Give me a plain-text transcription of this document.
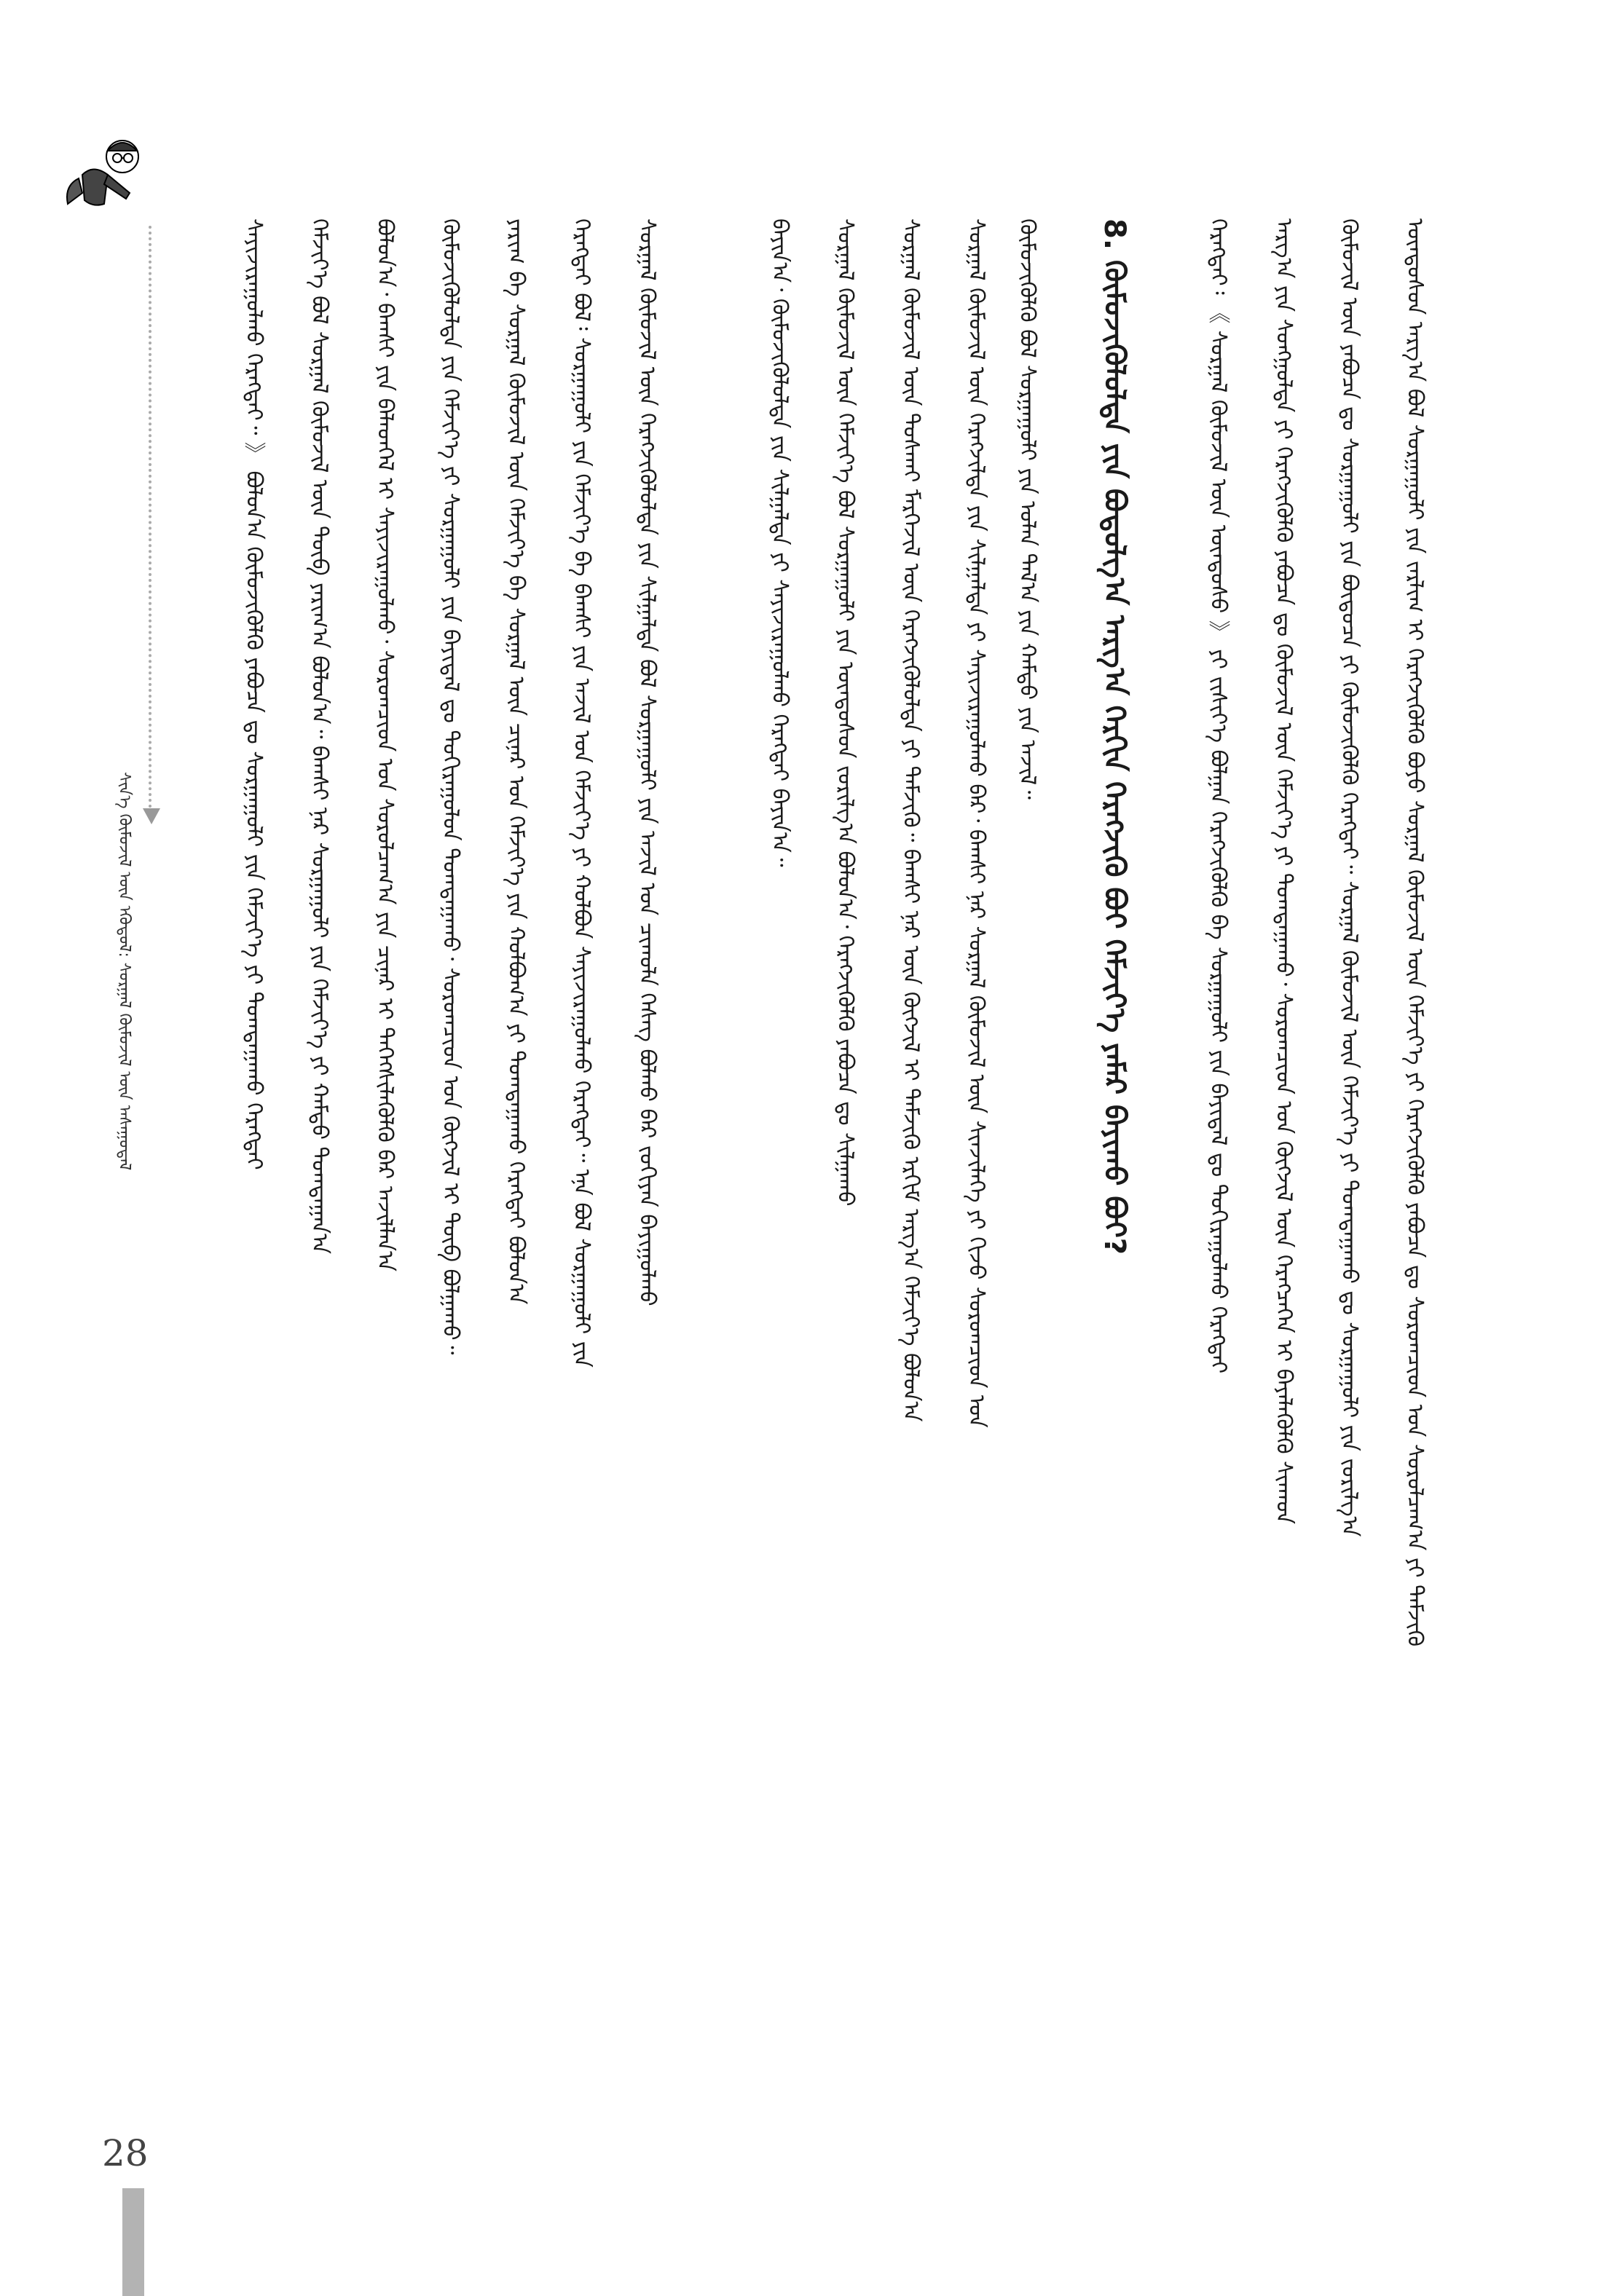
28
ᠰᠢᠨ᠎ᠡ ᠬᠦᠮᠦᠵᠢᠯ ᠦᠨ ᠡᠭᠦᠳᠦᠯ: ᠰᠤᠷᠭᠠᠯ ᠬᠦᠮᠦᠵᠢᠯ ᠦᠨ ᠠᠰᠠᠭᠤᠳᠠᠯ	ᠰᠠᠶᠢᠵᠢᠷᠠᠭᠤᠯᠬᠤ ᠬᠡᠷᠡᠭᠲᠡᠢ᠃ 》 ᠪᠣᠯᠤᠨ᠎ᠠ ᠬᠦᠮᠦᠵᠢᠭᠦᠯᠬᠦ ᠶᠠᠪᠤᠴᠠ ᠳᠤ ᠰᠤᠷᠭᠠᠭᠤᠯᠢ ᠶᠢᠨ ᠬᠡᠮᠵᠢᠶ᠎ᠡ ᠶᠢ ᠲᠣᠭᠲᠠᠭᠠᠬᠤ ᠬᠡᠷᠡᠭᠲᠡᠢ	ᠬᠡᠮᠵᠢᠶ᠎ᠡ ᠪᠣᠯ ᠰᠤᠷᠭᠠᠯ ᠬᠦᠮᠦᠵᠢᠯ ᠦᠨ ᠲᠥᠪ ᠶᠠᠷᠢᠭ᠎ᠠ ᠪᠣᠯᠤᠨ᠎ᠠ᠃ ᠪᠠᠭᠰᠢ ᠨᠠᠷ ᠰᠤᠷᠭᠠᠭᠤᠯᠢ ᠶᠢᠨ ᠬᠡᠮᠵᠢᠶ᠎ᠡ ᠶᠢ ᠬᠠᠮᠲᠤ ᠲᠣᠭᠲᠠᠭᠠᠨ᠎ᠠ	ᠪᠣᠯᠤᠨ᠎ᠠ᠂ ᠪᠠᠭᠰᠢ ᠶᠢᠨ ᠪᠡᠯᠡᠳᠬᠡᠯ ᠢ ᠰᠠᠶᠢᠵᠢᠷᠠᠭᠤᠯᠬᠤ᠂ ᠰᠤᠷᠤᠭᠴᠢᠳ ᠤᠨ ᠰᠤᠷᠤᠯᠴᠠᠭ᠎ᠠ ᠶᠢᠨ ᠴᠢᠨᠠᠷ ᠢ ᠳᠡᠭᠡᠭᠰᠢᠯᠡᠭᠦᠯᠬᠦ ᠪᠠᠷ ᠠᠵᠢᠯᠯᠠᠨ᠎ᠠ	ᠬᠦᠮᠦᠵᠢᠭᠦᠯᠦᠯᠲᠡ ᠶᠢᠨ ᠬᠡᠮᠵᠢᠶ᠎ᠡ ᠶᠢ ᠰᠤᠷᠭᠠᠭᠤᠯᠢ ᠶᠢᠨ ᠪᠠᠶᠢᠳᠠᠯ ᠳᠤ ᠲᠣᠬᠢᠷᠠᠭᠤᠯᠤᠨ ᠲᠣᠭᠲᠠᠭᠠᠬᠤ᠂ ᠰᠤᠷᠤᠭᠴᠢᠳ ᠤᠨ ᠬᠥᠭᠵᠢᠯ ᠢ ᠲᠥᠪ ᠪᠣᠯᠭᠠᠬᠤ᠃	ᠶᠠᠷᠢᠭ ᠪᠠ ᠰᠤᠷᠭᠠᠯ ᠬᠦᠮᠦᠵᠢᠯ ᠦᠨ ᠬᠡᠮᠵᠢᠶ᠎ᠡ ᠪᠠ ᠰᠤᠷᠭᠠᠯ ᠦᠨ ᠴᠢᠨᠠᠷ ᠤᠨ ᠬᠡᠮᠵᠢᠶ᠎ᠡ ᠶᠢᠨ ᠬᠣᠯᠪᠣᠭ᠎ᠠ ᠶᠢ ᠲᠣᠭᠲᠠᠭᠠᠬᠤ ᠬᠡᠷᠡᠭᠲᠡᠢ ᠪᠣᠯᠤᠨ᠎ᠠ	ᠬᠡᠷᠡᠭᠲᠡᠢ ᠪᠣᠯ᠄ ᠰᠤᠷᠭᠠᠭᠤᠯᠢ ᠶᠢᠨ ᠬᠡᠮᠵᠢᠶ᠎ᠡ ᠪᠠ ᠪᠠᠭᠰᠢ ᠶᠢᠨ ᠠᠵᠢᠯ ᠤᠨ ᠬᠡᠮᠵᠢᠶ᠎ᠡ ᠶᠢ ᠬᠣᠯᠪᠣᠨ ᠰᠠᠶᠢᠵᠢᠷᠠᠭᠤᠯᠬᠤ ᠬᠡᠷᠡᠭᠲᠡᠢ᠃ ᠡᠨᠡ ᠪᠣᠯ ᠰᠤᠷᠭᠠᠭᠤᠯᠢ ᠶᠢᠨ	ᠰᠤᠷᠭᠠᠯ ᠬᠦᠮᠦᠵᠢᠯ ᠦᠨ ᠬᠡᠷᠡᠭᠵᠢᠭᠦᠯᠦᠯᠲᠡ ᠶᠢᠨ ᠰᠢᠯᠭᠠᠯᠲᠠ ᠪᠣᠯ ᠰᠤᠷᠭᠠᠭᠤᠯᠢ ᠶᠢᠨ ᠠᠵᠢᠯ ᠤᠨ ᠴᠢᠬᠤᠯᠠ ᠬᠡᠰᠡᠭ ᠪᠣᠯᠬᠤ ᠪᠠᠷ ᠵᠣᠬᠢᠶᠠᠨ ᠪᠠᠶᠢᠭᠤᠯᠬᠤ	ᠪᠠᠶᠢᠨ᠎ᠠ᠂ ᠬᠦᠮᠦᠵᠢᠭᠦᠯᠦᠯᠲᠡ ᠶᠢᠨ ᠰᠢᠯᠭᠠᠯᠲᠠ ᠶᠢ ᠰᠠᠶᠢᠵᠢᠷᠠᠭᠤᠯᠬᠤ ᠬᠡᠷᠡᠭᠲᠡᠢ ᠪᠠᠶᠢᠨ᠎ᠠ᠃	ᠰᠤᠷᠭᠠᠯ ᠬᠦᠮᠦᠵᠢᠯ ᠦᠨ ᠬᠡᠮᠵᠢᠶ᠎ᠡ ᠪᠣᠯ ᠰᠤᠷᠭᠠᠭᠤᠯᠢ ᠶᠢᠨ ᠦᠨᠳᠦᠰᠦᠨ ᠵᠣᠷᠢᠯᠭ᠎ᠠ ᠪᠣᠯᠤᠨ᠎ᠠ᠂ ᠬᠡᠷᠡᠭᠵᠢᠭᠦᠯᠬᠦ ᠶᠠᠪᠤᠴᠠ ᠳᠤ ᠰᠢᠯᠭᠠᠬᠤ	ᠰᠤᠷᠭᠠᠯ ᠬᠦᠮᠦᠵᠢᠯ ᠦᠨ ᠲᠤᠰᠬᠠᠢ ᠮᠡᠷᠭᠡᠵᠢᠯ ᠦᠨ ᠬᠡᠷᠡᠭᠵᠢᠭᠦᠯᠦᠯᠲᠡ ᠶᠢ ᠳᠡᠮᠵᠢᠬᠦ᠃ ᠪᠠᠭᠰᠢ ᠨᠠᠷ ᠦᠨ ᠬᠥᠭᠵᠢᠯ ᠢ ᠳᠡᠮᠵᠢᠬᠦ ᠡᠷᠬᠢᠮ ᠠᠷᠭ᠎ᠠ ᠬᠡᠮᠵᠢᠶ᠎ᠡ ᠪᠣᠯᠤᠨ᠎ᠠ	ᠰᠤᠷᠭᠠᠯ ᠬᠦᠮᠦᠵᠢᠯ ᠦᠨ ᠬᠡᠷᠡᠭᠵᠢᠯᠲᠡ ᠶᠢᠨ ᠰᠢᠯᠭᠠᠯᠲᠠ ᠶᠢ ᠰᠠᠶᠢᠵᠢᠷᠠᠭᠤᠯᠬᠤ ᠪᠠᠷ᠂ ᠪᠠᠭᠰᠢ ᠨᠠᠷ ᠰᠤᠷᠭᠠᠯ ᠬᠦᠮᠦᠵᠢᠯ ᠦᠨ ᠰᠢᠨᠵᠢᠯᠡᠭᠡ ᠶᠢ ᠬᠢᠵᠦ ᠰᠤᠷᠤᠭᠴᠢᠳ ᠤᠨ	ᠬᠦᠮᠦᠵᠢᠭᠦᠯᠬᠦ ᠪᠣᠯ ᠰᠤᠷᠭᠠᠭᠤᠯᠢ ᠶᠢᠨ ᠣᠯᠠᠨ ᠲᠠᠯ᠎ᠠ ᠶᠢᠨ ᠬᠠᠮᠲᠤ ᠶᠢᠨ ᠠᠵᠢᠯ᠃	8. ᠬᠦᠮᠦᠵᠢᠭᠦᠯᠦᠯᠲᠡ ᠶᠢᠨ ᠪᠣᠳᠤᠯᠭ᠎ᠠ ᠠᠷᠭ᠎ᠠ ᠬᠡᠷᠬᠢᠨ ᠬᠡᠷᠡᠭᠵᠢᠬᠦ ᠪᠤᠢ ᠬᠡᠮᠵᠢᠶ᠎ᠡ ᠶᠠᠮᠠᠷ ᠪᠠᠶᠢᠬᠤ ᠪᠤᠢ?	ᠬᠡᠷᠡᠭᠲᠡᠢ᠄ 《 ᠰᠤᠷᠭᠠᠯ ᠬᠦᠮᠦᠵᠢᠯ ᠦᠨ ᠦᠨᠳᠦᠰᠦ 》 ᠶᠢ ᠵᠢᠱᠢᠶ᠎ᠡ ᠪᠣᠯᠭᠠᠨ ᠬᠡᠷᠡᠭᠵᠢᠭᠦᠯᠬᠦ ᠪᠠ ᠰᠤᠷᠭᠠᠭᠤᠯᠢ ᠶᠢᠨ ᠪᠠᠶᠢᠳᠠᠯ ᠳᠤ ᠲᠣᠬᠢᠷᠠᠭᠤᠯᠬᠤ ᠬᠡᠷᠡᠭᠲᠡᠢ	ᠠᠷᠭ᠎ᠠ ᠶᠢᠨ ᠰᠣᠩᠭᠣᠯᠲᠠ ᠶᠢ ᠬᠡᠷᠡᠭᠵᠢᠭᠦᠯᠬᠦ ᠶᠠᠪᠤᠴᠠ ᠳᠤ ᠬᠦᠮᠦᠵᠢᠯ ᠦᠨ ᠬᠡᠮᠵᠢᠶ᠎ᠡ ᠶᠢ ᠲᠣᠭᠲᠠᠭᠠᠬᠤ᠂ ᠰᠤᠷᠤᠭᠴᠢᠳ ᠤᠨ ᠬᠥᠭᠵᠢᠯ ᠦᠨ ᠬᠡᠷᠡᠭᠴᠡᠭᠡᠨ ᠢ ᠪᠡᠶᠡᠯᠡᠭᠦᠯᠬᠦ ᠰᠢᠬᠠᠳ	ᠬᠦᠮᠦᠵᠢᠯ ᠦᠨ ᠶᠠᠪᠤᠴᠠ ᠳᠤ ᠰᠤᠷᠭᠠᠭᠤᠯᠢ ᠶᠢᠨ ᠪᠦᠲᠦᠴᠡ ᠶᠢ ᠬᠦᠮᠦᠵᠢᠭᠦᠯᠬᠦ ᠬᠡᠷᠡᠭᠲᠡᠢ᠃ ᠰᠤᠷᠭᠠᠯ ᠬᠦᠮᠦᠵᠢᠯ ᠦᠨ ᠬᠡᠮᠵᠢᠶ᠎ᠡ ᠶᠢ ᠲᠣᠭᠲᠠᠭᠠᠬᠤ ᠳᠤ ᠰᠤᠷᠭᠠᠭᠤᠯᠢ ᠶᠢᠨ ᠵᠣᠷᠢᠯᠭ᠎ᠠ	ᠦᠨᠳᠦᠰᠦᠨ ᠠᠷᠭ᠎ᠠ ᠪᠣᠯ ᠰᠤᠷᠭᠠᠭᠤᠯᠢ ᠶᠢᠨ ᠵᠠᠷᠯᠢᠭ ᠢ ᠬᠡᠷᠡᠭᠵᠢᠭᠦᠯᠬᠦ ᠪᠤᠶᠤ ᠰᠤᠷᠭᠠᠯ ᠬᠦᠮᠦᠵᠢᠯ ᠦᠨ ᠬᠡᠮᠵᠢᠶ᠎ᠡ ᠶᠢ ᠬᠡᠷᠡᠭᠵᠢᠭᠦᠯᠬᠦ ᠶᠠᠪᠤᠴᠠ ᠳᠤ ᠰᠤᠷᠤᠭᠴᠢᠳ ᠤᠨ ᠰᠤᠷᠤᠯᠴᠠᠭ᠎ᠠ ᠶᠢ ᠳᠡᠮᠵᠢᠬᠦ
